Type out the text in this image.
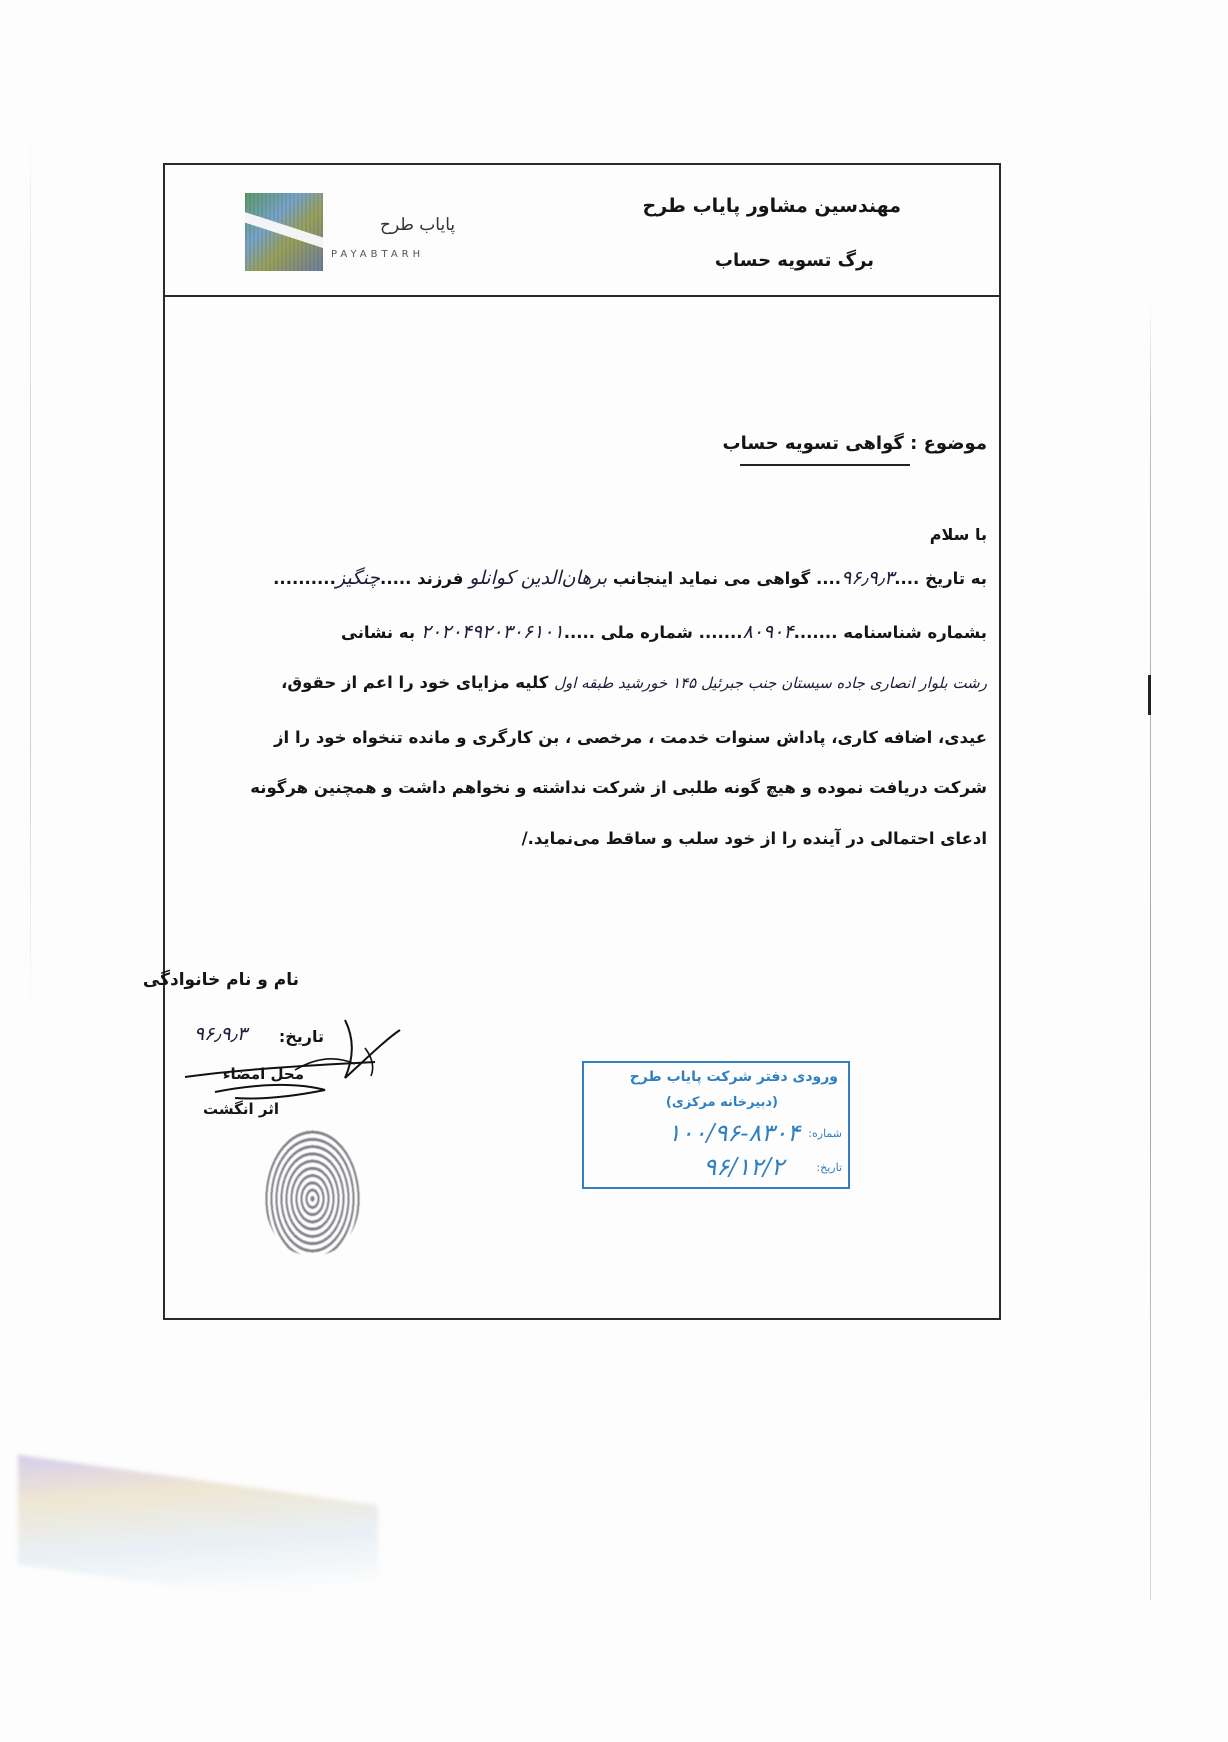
پایاب طرح
PAYABTARH
مهندسین مشاور پایاب طرح
برگ تسویه حساب
موضوع : گواهی تسویه حساب
با سلام
به تاریخ ....۹۶٫۹٫۳.... گواهی می نماید اینجانب برهان‌الدین کوانلو فرزند .....چنگیز..........
بشماره شناسنامه .......۸۰۹۰۴....... شماره ملی .....۲۰۲۰۴۹۲۰۳۰۶۱۰۱ به نشانی
رشت بلوار انصاری جاده سیستان جنب جبرئیل ۱۴۵ خورشید طبقه اول کلیه مزایای خود را اعم از حقوق،
عیدی، اضافه کاری، پاداش سنوات خدمت ، مرخصی ، بن کارگری و مانده تنخواه خود را از
شرکت دریافت نموده و هیچ گونه طلبی از شرکت نداشته و نخواهم داشت و همچنین هرگونه
ادعای احتمالی در آینده را از خود سلب و ساقط می‌نماید./
نام و نام خانوادگی
تاریخ:
۹۶٫۹٫۳
محل امضاء
اثر انگشت
ورودی دفتر شرکت پایاب طرح
(دبیرخانه مرکزی)
شماره:
۱۰۰/۹۶-۸۳۰۴
تاریخ:
۹۶/۱۲/۲
